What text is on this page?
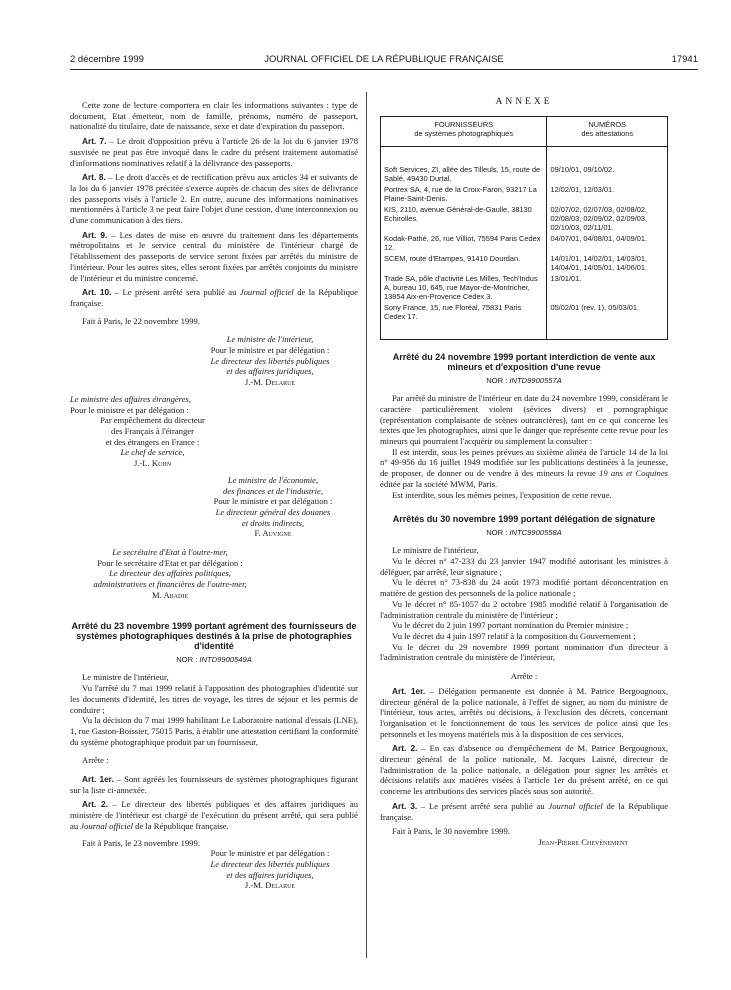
2 décembre 1999	JOURNAL OFFICIEL DE LA RÉPUBLIQUE FRANÇAISE	17941

Cette zone de lecture comportera en clair les informations suivantes : type de document, Etat émetteur, nom de famille, prénoms, numéro de passeport, nationalité du titulaire, date de naissance, sexe et date d'expiration du passeport.

Art. 7. – Le droit d'opposition prévu à l'article 26 de la loi du 6 janvier 1978 susvisée ne peut pas être invoqué dans le cadre du présent traitement automatisé d'informations nominatives relatif à la délivrance des passeports.

Art. 8. – Le droit d'accès et de rectification prévu aux articles 34 et suivants de la loi du 6 janvier 1978 précitée s'exerce auprès de chacun des sites de délivrance des passeports visés à l'article 2. En outre, aucune des informations nominatives mentionnées à l'article 3 ne peut faire l'objet d'une cession, d'une interconnexion ou d'une communication à des tiers.

Art. 9. – Les dates de mise en œuvre du traitement dans les départements métropolitains et le service central du ministère de l'intérieur chargé de l'établissement des passeports de service seront fixées par arrêtés du ministre de l'intérieur. Pour les autres sites, elles seront fixées par arrêtés conjoints du ministre de l'intérieur et du ministre concerné.

Art. 10. – Le présent arrêté sera publié au Journal officiel de la République française.

Fait à Paris, le 22 novembre 1999.

Le ministre de l'intérieur,
Pour le ministre et par délégation :
Le directeur des libertés publiques
et des affaires juridiques,
J.-M. Delarue
Le ministre des affaires étrangères,
Pour le ministre et par délégation :
Par empêchement du directeur
des Français à l'étranger
et des étrangers en France :
Le chef de service,
J.-L. Kuhn
Le ministre de l'économie,
des finances et de l'industrie,
Pour le ministre et par délégation :
Le directeur général des douanes
et droits indirects,
F. Auvigne
Le secrétaire d'Etat à l'outre-mer,
Pour le secrétaire d'Etat et par délégation :
Le directeur des affaires politiques,
administratives et financières de l'outre-mer,
M. Abadie
Arrêté du 23 novembre 1999 portant agrément des fournisseurs de systèmes photographiques destinés à la prise de photographies d'identité
NOR : INTD9900549A

Le ministre de l'intérieur,

Vu l'arrêté du 7 mai 1999 relatif à l'apposition des photographies d'identité sur les documents d'identité, les titres de voyage, les titres de séjour et les permis de conduire ;

Vu la décision du 7 mai 1999 habilitant Le Laboratoire national d'essais (LNE), 1, rue Gaston-Boissier, 75015 Paris, à établir une attestation certifiant la conformité du système photographique produit par un fournisseur,

Arrête :

Art. 1er. – Sont agréés les fournisseurs de systèmes photographiques figurant sur la liste ci-annexée.

Art. 2. – Le directeur des libertés publiques et des affaires juridiques au ministère de l'intérieur est chargé de l'exécution du présent arrêté, qui sera publié au Journal officiel de la République française.

Fait à Paris, le 23 novembre 1999.

Pour le ministre et par délégation :
Le directeur des libertés publiques
et des affaires juridiques,
J.-M. Delarue
ANNEXE
FOURNISSEURS
de systèmes photographiques	NUMÉROS
des attestations
Soft Services, ZI, allée des Tilleuls, 15, route de Sablé, 49430 Durtal.	09/10/01, 09/10/02.
Portrex SA, 4, rue de la Croix-Faron, 93217 La Plaine-Saint-Denis.	12/02/01, 12/03/01.
KIS, 2110, avenue Général-de-Gaulle, 38130 Echirolles.	02/07/02, 02/07/03, 02/08/02, 02/08/03, 02/09/02, 02/09/03, 02/10/03, 02/11/01.
Kodak-Pathé, 26, rue Villiot, 75594 Paris Cedex 12.	04/07/01, 04/08/01, 04/09/01.
SCEM, route d'Etampes, 91410 Dourdan.	14/01/01, 14/02/01, 14/03/01, 14/04/01, 14/05/01, 14/06/01.
Trade SA, pôle d'activité Les Milles, Tech'Indus A, bureau 10, 645, rue Mayor-de-Montricher, 13854 Aix-en-Provence Cedex 3.	13/01/01.
Sony France, 15, rue Floréal, 75831 Paris Cedex 17.	05/02/01 (rev. 1), 05/03/01.
Arrêté du 24 novembre 1999 portant interdiction de vente aux mineurs et d'exposition d'une revue
NOR : INTD9900557A

Par arrêté du ministre de l'intérieur en date du 24 novembre 1999, considérant le caractère particulièrement violent (sévices divers) et pornographique (représentation complaisante de scènes outrancières), tant en ce qui concerne les textes que les photographies, ainsi que le danger que représente cette revue pour les mineurs qui pourraient l'acquérir ou simplement la consulter :

Il est interdit, sous les peines prévues au sixième alinéa de l'article 14 de la loi n° 49-956 du 16 juillet 1949 modifiée sur les publications destinées à la jeunesse, de proposer, de donner ou de vendre à des mineurs la revue 19 ans et Coquines éditée par la société MWM, Paris.

Est interdite, sous les mêmes peines, l'exposition de cette revue.

Arrêtés du 30 novembre 1999 portant délégation de signature
NOR : INTC9900558A

Le ministre de l'intérieur,

Vu le décret n° 47-233 du 23 janvier 1947 modifié autorisant les ministres à déléguer, par arrêté, leur signature ;

Vu le décret n° 73-838 du 24 août 1973 modifié portant déconcentration en matière de gestion des personnels de la police nationale ;

Vu le décret n° 85-1057 du 2 octobre 1985 modifié relatif à l'organisation de l'administration centrale du ministère de l'intérieur ;

Vu le décret du 2 juin 1997 portant nomination du Premier ministre ;

Vu le décret du 4 juin 1997 relatif à la composition du Gouvernement ;

Vu le décret du 29 novembre 1999 portant nomination d'un directeur à l'administration centrale du ministère de l'intérieur,

Arrête :

Art. 1er. – Délégation permanente est donnée à M. Patrice Bergougnoux, directeur général de la police nationale, à l'effet de signer, au nom du ministre de l'intérieur, tous actes, arrêtés ou décisions, à l'exclusion des décrets, concernant l'organisation et le fonctionnement de tous les services de police ainsi que les personnels et les moyens matériels mis à la disposition de ces services.

Art. 2. – En cas d'absence ou d'empêchement de M. Patrice Bergougnoux, directeur général de la police nationale, M. Jacques Laisné, directeur de l'administration de la police nationale, a délégation pour signer les arrêtés et décisions relatifs aux matières visées à l'article 1er du présent arrêté, en ce qui concerne les attributions des services placés sous son autorité.

Art. 3. – Le présent arrêté sera publié au Journal officiel de la République française.

Fait à Paris, le 30 novembre 1999.

Jean-Pierre Chevènement
